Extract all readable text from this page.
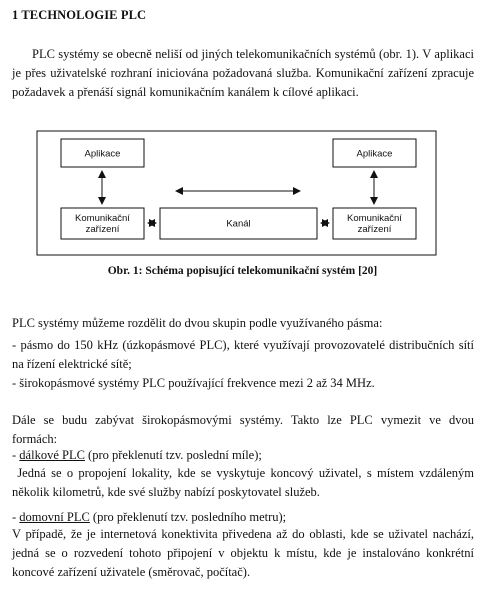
1 TECHNOLOGIE PLC
PLC systémy se obecně neliší od jiných telekomunikačních systémů (obr. 1). V aplikaci
je přes uživatelské rozhraní iniciována požadovaná služba. Komunikační zařízení zpracuje
požadavek a přenáší signál komunikačním kanálem k cílové aplikaci.
Aplikace	Aplikace
Komunikační
zařízení
Komunikační
zařízení
Kanál
Obr. 1: Schéma popisující telekomunikační systém [20]
PLC systémy můžeme rozdělit do dvou skupin podle využívaného pásma:
- pásmo do 150 kHz (úzkopásmové PLC), které využívají provozovatelé distribučních sítí
na řízení elektrické sítě;
- širokopásmové systémy PLC používající frekvence mezi 2 až 34 MHz.
Dále se budu zabývat širokopásmovými systémy. Takto lze PLC vymezit ve dvou
formách:
- dálkové PLC (pro překlenutí tzv. poslední míle);
Jedná se o propojení lokality, kde se vyskytuje koncový uživatel, s místem vzdáleným
několik kilometrů, kde své služby nabízí poskytovatel služeb.
- domovní PLC (pro překlenutí tzv. posledního metru);
V případě, že je internetová konektivita přivedena až do oblasti, kde se uživatel nachází,
jedná se o rozvedení tohoto připojení v objektu k místu, kde je instalováno konkrétní
koncové zařízení uživatele (směrovač, počítač).
